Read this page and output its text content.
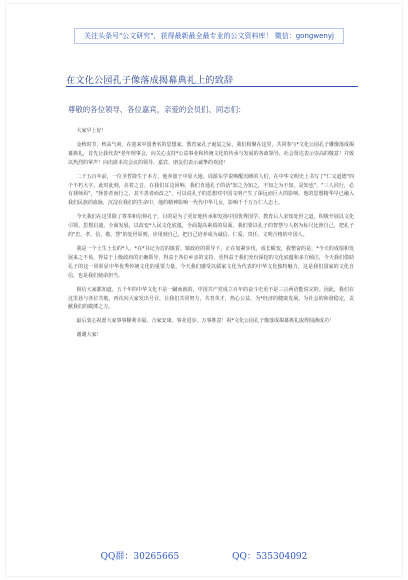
关注头条号"公文研究"，获得最新最全最专业的公文资料库！ 微信：gongwenyj
在文化公园孔子像落成揭幕典礼上的致辞
尊敬的各位领导、各位嘉宾，亲爱的会员们、同志们：

大家早上好！

金秋时节，秋高气爽。在迎来中国著名的思想家、教育家孔子诞辰之际，我们相聚在这里，共同参与*文化公园孔子雕像落成揭幕典礼，首先让我代表*老年理事会，向关心支持*公益事业和传统文化的传承与发展的各政领导、社会贤达表示崇高的敬意！并致以热烈的掌声！向出席本次会议的领导、嘉宾、朋友们表示诚挚的欢迎！

二千五百年前，一位圣哲降生于本方，他奔波于中原大地、周游东学说唤醒沉睡的人们，在中华文明史上书写了"仁义道德"四个不朽大字，此时此刻，亮着之音，在我们耳边回响，我们肯通孔子的话"知之为知之，不知之为不知，是知也"，"三人同行，必有我师焉"，"择善者而行之，其不善者而改之"，可以说孔子的思想对中国文明产生了深远而巨大的影响，他的思想精华早已融入我们民族的血脉，沉淀在我们的生命中，他的精神影响一代代中华儿女，影响千千万万仁人志士。

今天我们在这里除了尊奉和信仰孔子，目的是为了更好地传承和发扬中国优秀国学，教育后人求知处世之道，积极开展以文化引领、思想启迪、全面发展，以改变*人民文化底蕴，全面提高素质的局面，我们要以孔子的智慧与人格为标尺比照自己，把孔子的"忠、孝、信、敬、慧"的处世原则，应用到自己，把自己培养成为诚信、仁爱、贵任、文明合格的中国人。

我是一个土生土长的*人，*在*书记为首的镇着、镇政府的领导下，正在加紧步伐，成长蜕变，我整奋的是，*今天的成绩和发展来之不易，得益于上级政府的正确领导，得益于各位乡亲的支持，更得益于我们充份深挖的文化底蕴和多方倾注，今天我们借助孔子的这一同彰显中华优秀传统文化的重要力量，今天我们感受以儒家文化为代表的中华文化独特魅力，这是我们国家的文化自信，也是我们使命担当。

相信大家都知道，五千年的中华文化不是一蹴而就的，中国共产党成立百年的奋斗史更不是三言两语能说完的。因此，我们在这里恳与各位共勉，再次向大家发出号召，让我们共同努力，共育英才，热心公益，为*经济的健康发展，为社会的和谐稳定，贡献我们的微薄之力。

最后衷心祝愿大家事事顺利幸福、合家安康、事业进步、万事胜意！祝*文化公园孔子像落成揭幕典礼取得圆满成功！

谢谢大家！

QQ群：30265665	QQ：535304092
